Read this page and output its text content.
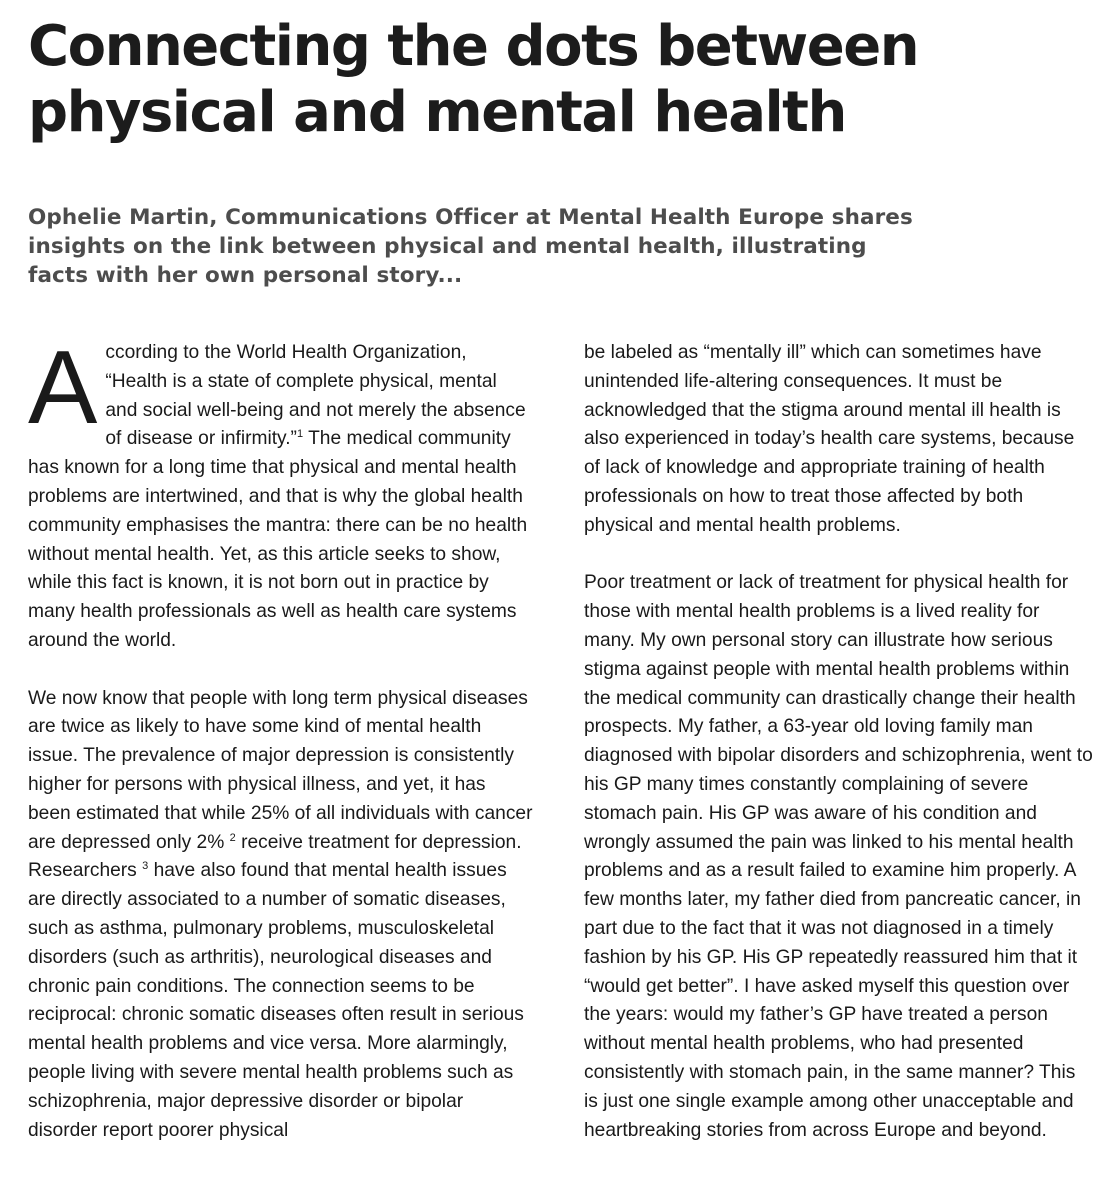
Connecting the dots between physical and mental health
Ophelie Martin, Communications Officer at Mental Health Europe shares insights on the link between physical and mental health, illustrating facts with her own personal story...

According to the World Health Organization, “Health is a state of complete physical, mental and social well-being and not merely the absence of disease or infirmity.”$^1$ The medical community has known for a long time that physical and mental health problems are intertwined, and that is why the global health community emphasises the mantra: there can be no health without mental health. Yet, as this article seeks to show, while this fact is known, it is not born out in practice by many health professionals as well as health care systems around the world.

We now know that people with long term physical diseases are twice as likely to have some kind of mental health issue. The prevalence of major depression is consistently higher for persons with physical illness, and yet, it has been estimated that while 25% of all individuals with cancer are depressed only 2% $^2$ receive treatment for depression. Researchers $^3$ have also found that mental health issues are directly associated to a number of somatic diseases, such as asthma, pulmonary problems, musculoskeletal disorders (such as arthritis), neurological diseases and chronic pain conditions. The connection seems to be reciprocal: chronic somatic diseases often result in serious mental health problems and vice versa. More alarmingly, people living with severe mental health problems such as schizophrenia, major depressive disorder or bipolar disorder report poorer physical

be labeled as “mentally ill” which can sometimes have unintended life-altering consequences. It must be acknowledged that the stigma around mental ill health is also experienced in today’s health care systems, because of lack of knowledge and appropriate training of health professionals on how to treat those affected by both physical and mental health problems.

Poor treatment or lack of treatment for physical health for those with mental health problems is a lived reality for many. My own personal story can illustrate how serious stigma against people with mental health problems within the medical community can drastically change their health prospects. My father, a 63-year old loving family man diagnosed with bipolar disorders and schizophrenia, went to his GP many times constantly complaining of severe stomach pain. His GP was aware of his condition and wrongly assumed the pain was linked to his mental health problems and as a result failed to examine him properly. A few months later, my father died from pancreatic cancer, in part due to the fact that it was not diagnosed in a timely fashion by his GP. His GP repeatedly reassured him that it “would get better”. I have asked myself this question over the years: would my father’s GP have treated a person without mental health problems, who had presented consistently with stomach pain, in the same manner? This is just one single example among other unacceptable and heartbreaking stories from across Europe and beyond.
